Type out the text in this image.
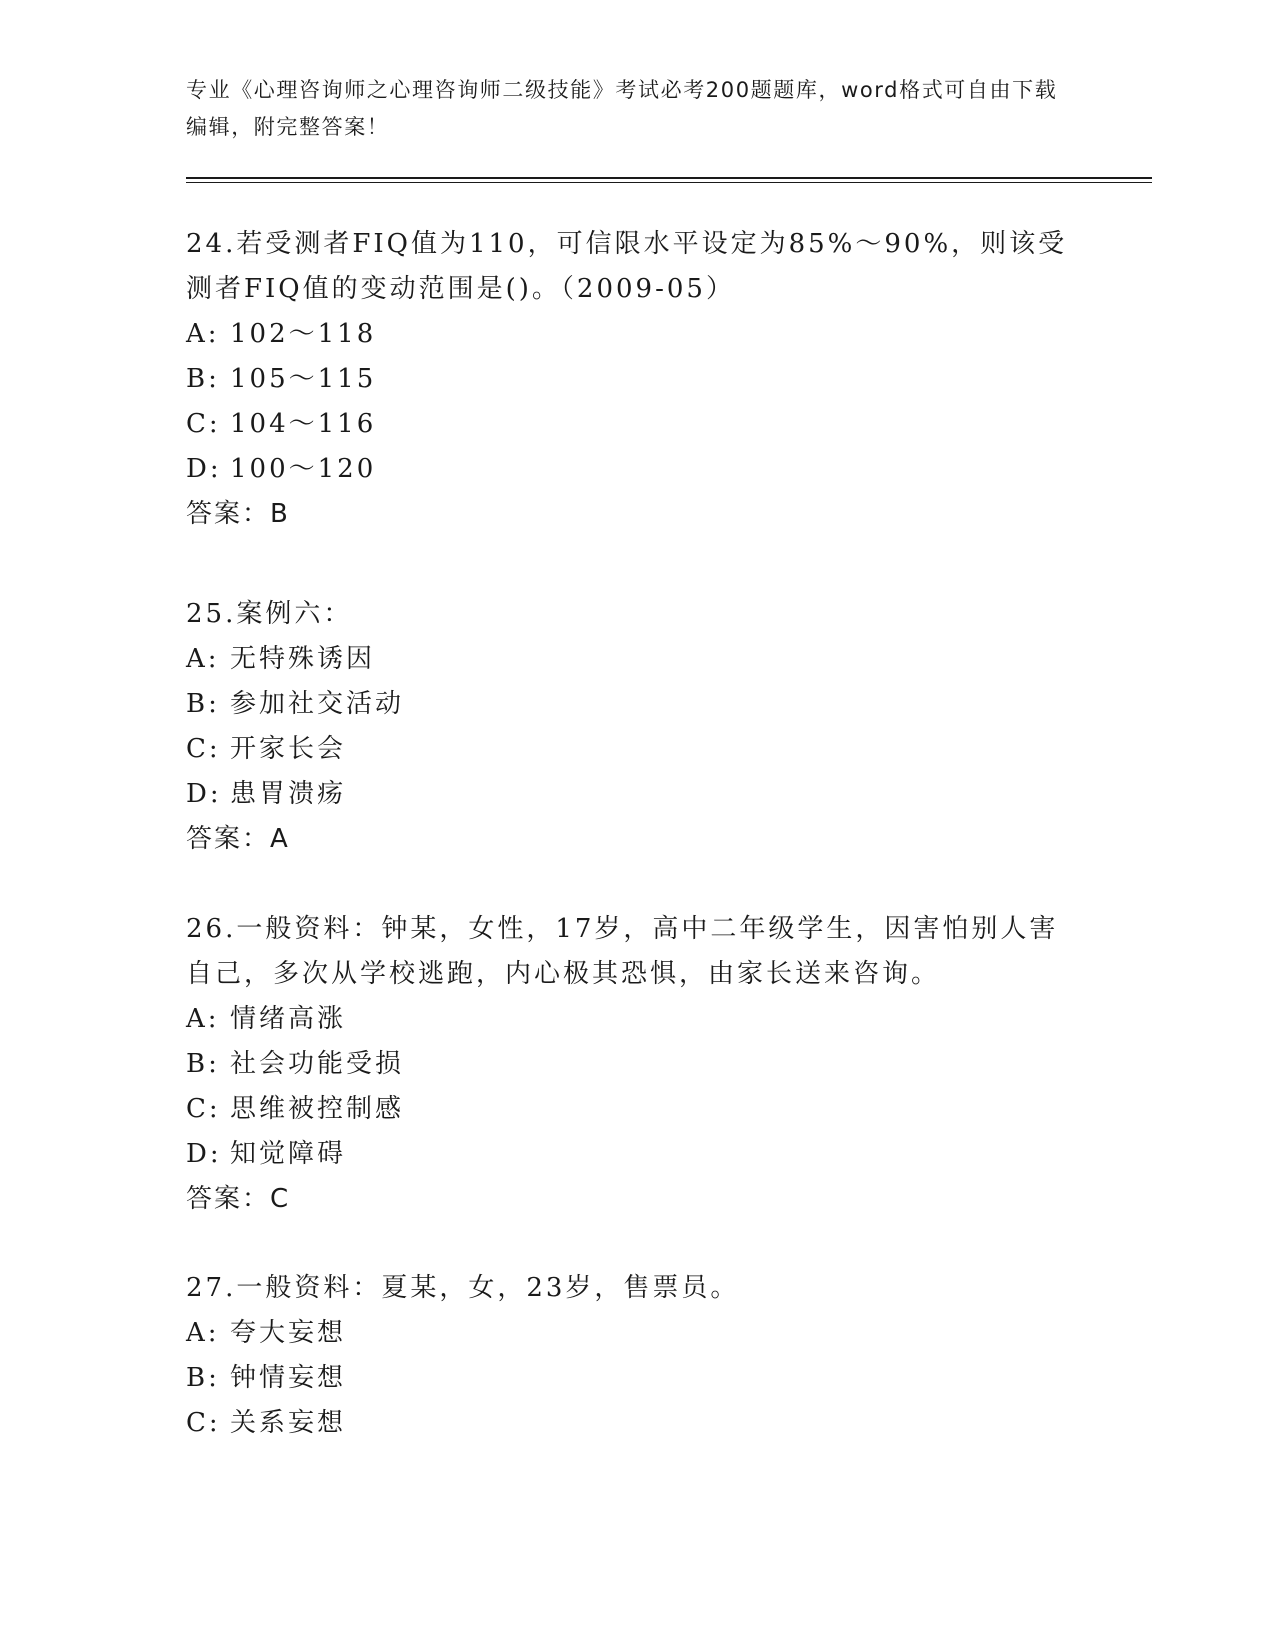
专业《心理咨询师之心理咨询师二级技能》考试必考200题题库，word格式可自由下载编辑，附完整答案！
24.若受测者FIQ值为110，可信限水平设定为85%～90%，则该受测者FIQ值的变动范围是()。（2009-05）
A: 102～118
B: 105～115
C: 104～116
D: 100～120
答案：B
25.案例六：
A: 无特殊诱因
B: 参加社交活动
C: 开家长会
D: 患胃溃疡
答案：A
26.一般资料：钟某，女性，17岁，高中二年级学生，因害怕别人害自己，多次从学校逃跑，内心极其恐惧，由家长送来咨询。
A: 情绪高涨
B: 社会功能受损
C: 思维被控制感
D: 知觉障碍
答案：C
27.一般资料：夏某，女，23岁，售票员。
A: 夸大妄想
B: 钟情妄想
C: 关系妄想
